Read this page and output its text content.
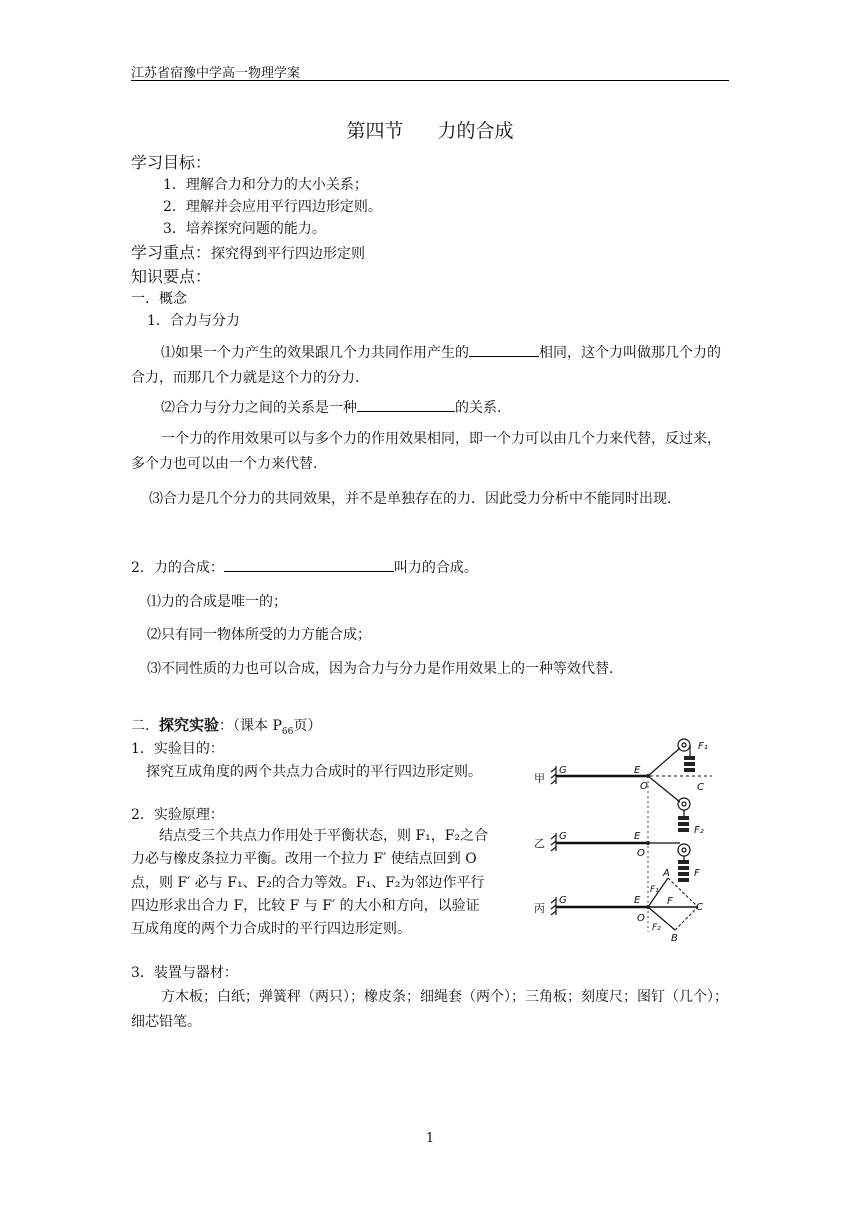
江苏省宿豫中学高一物理学案
第四节 力的合成
学习目标：
1．理解合力和分力的大小关系；
2．理解并会应用平行四边形定则。
3．培养探究问题的能力。
学习重点：探究得到平行四边形定则
知识要点：
一．概念
1．合力与分力
⑴如果一个力产生的效果跟几个力共同作用产生的	相同，这个力叫做那几个力的合力，而那几个力就是这个力的分力．
⑵合力与分力之间的关系是一种	的关系．
一个力的作用效果可以与多个力的作用效果相同，即一个力可以由几个力来代替，反过来，多个力也可以由一个力来代替．
⑶合力是几个分力的共同效果，并不是单独存在的力．因此受力分析中不能同时出现．
2．力的合成：	叫力的合成。
⑴力的合成是唯一的；
⑵只有同一物体所受的力方能合成；
⑶不同性质的力也可以合成，因为合力与分力是作用效果上的一种等效代替．
二．探究实验：（课本 $P_{66}$页）
1．实验目的：
探究互成角度的两个共点力合成时的平行四边形定则。
2．实验原理：
结点受三个共点力作用处于平衡状态，则 F₁，F₂之合
力必与橡皮条拉力平衡。改用一个拉力 F′ 使结点回到 O
点，则 F′ 必与 F₁、F₂的合力等效。F₁、F₂为邻边作平行
四边形求出合力 F，比较 F 与 F′ 的大小和方向，以验证
互成角度的两个力合成时的平行四边形定则。
3．装置与器材：
方木板；白纸；弹簧秤（两只）；橡皮条；细绳套（两个）；三角板；刻度尺；图钉（几个）；细芯铅笔。
甲
乙
丙
G
G
G
E
E
E
O
O
O
C
C
F₁
F₂
F
A
F₁
F
F₂
B
1
